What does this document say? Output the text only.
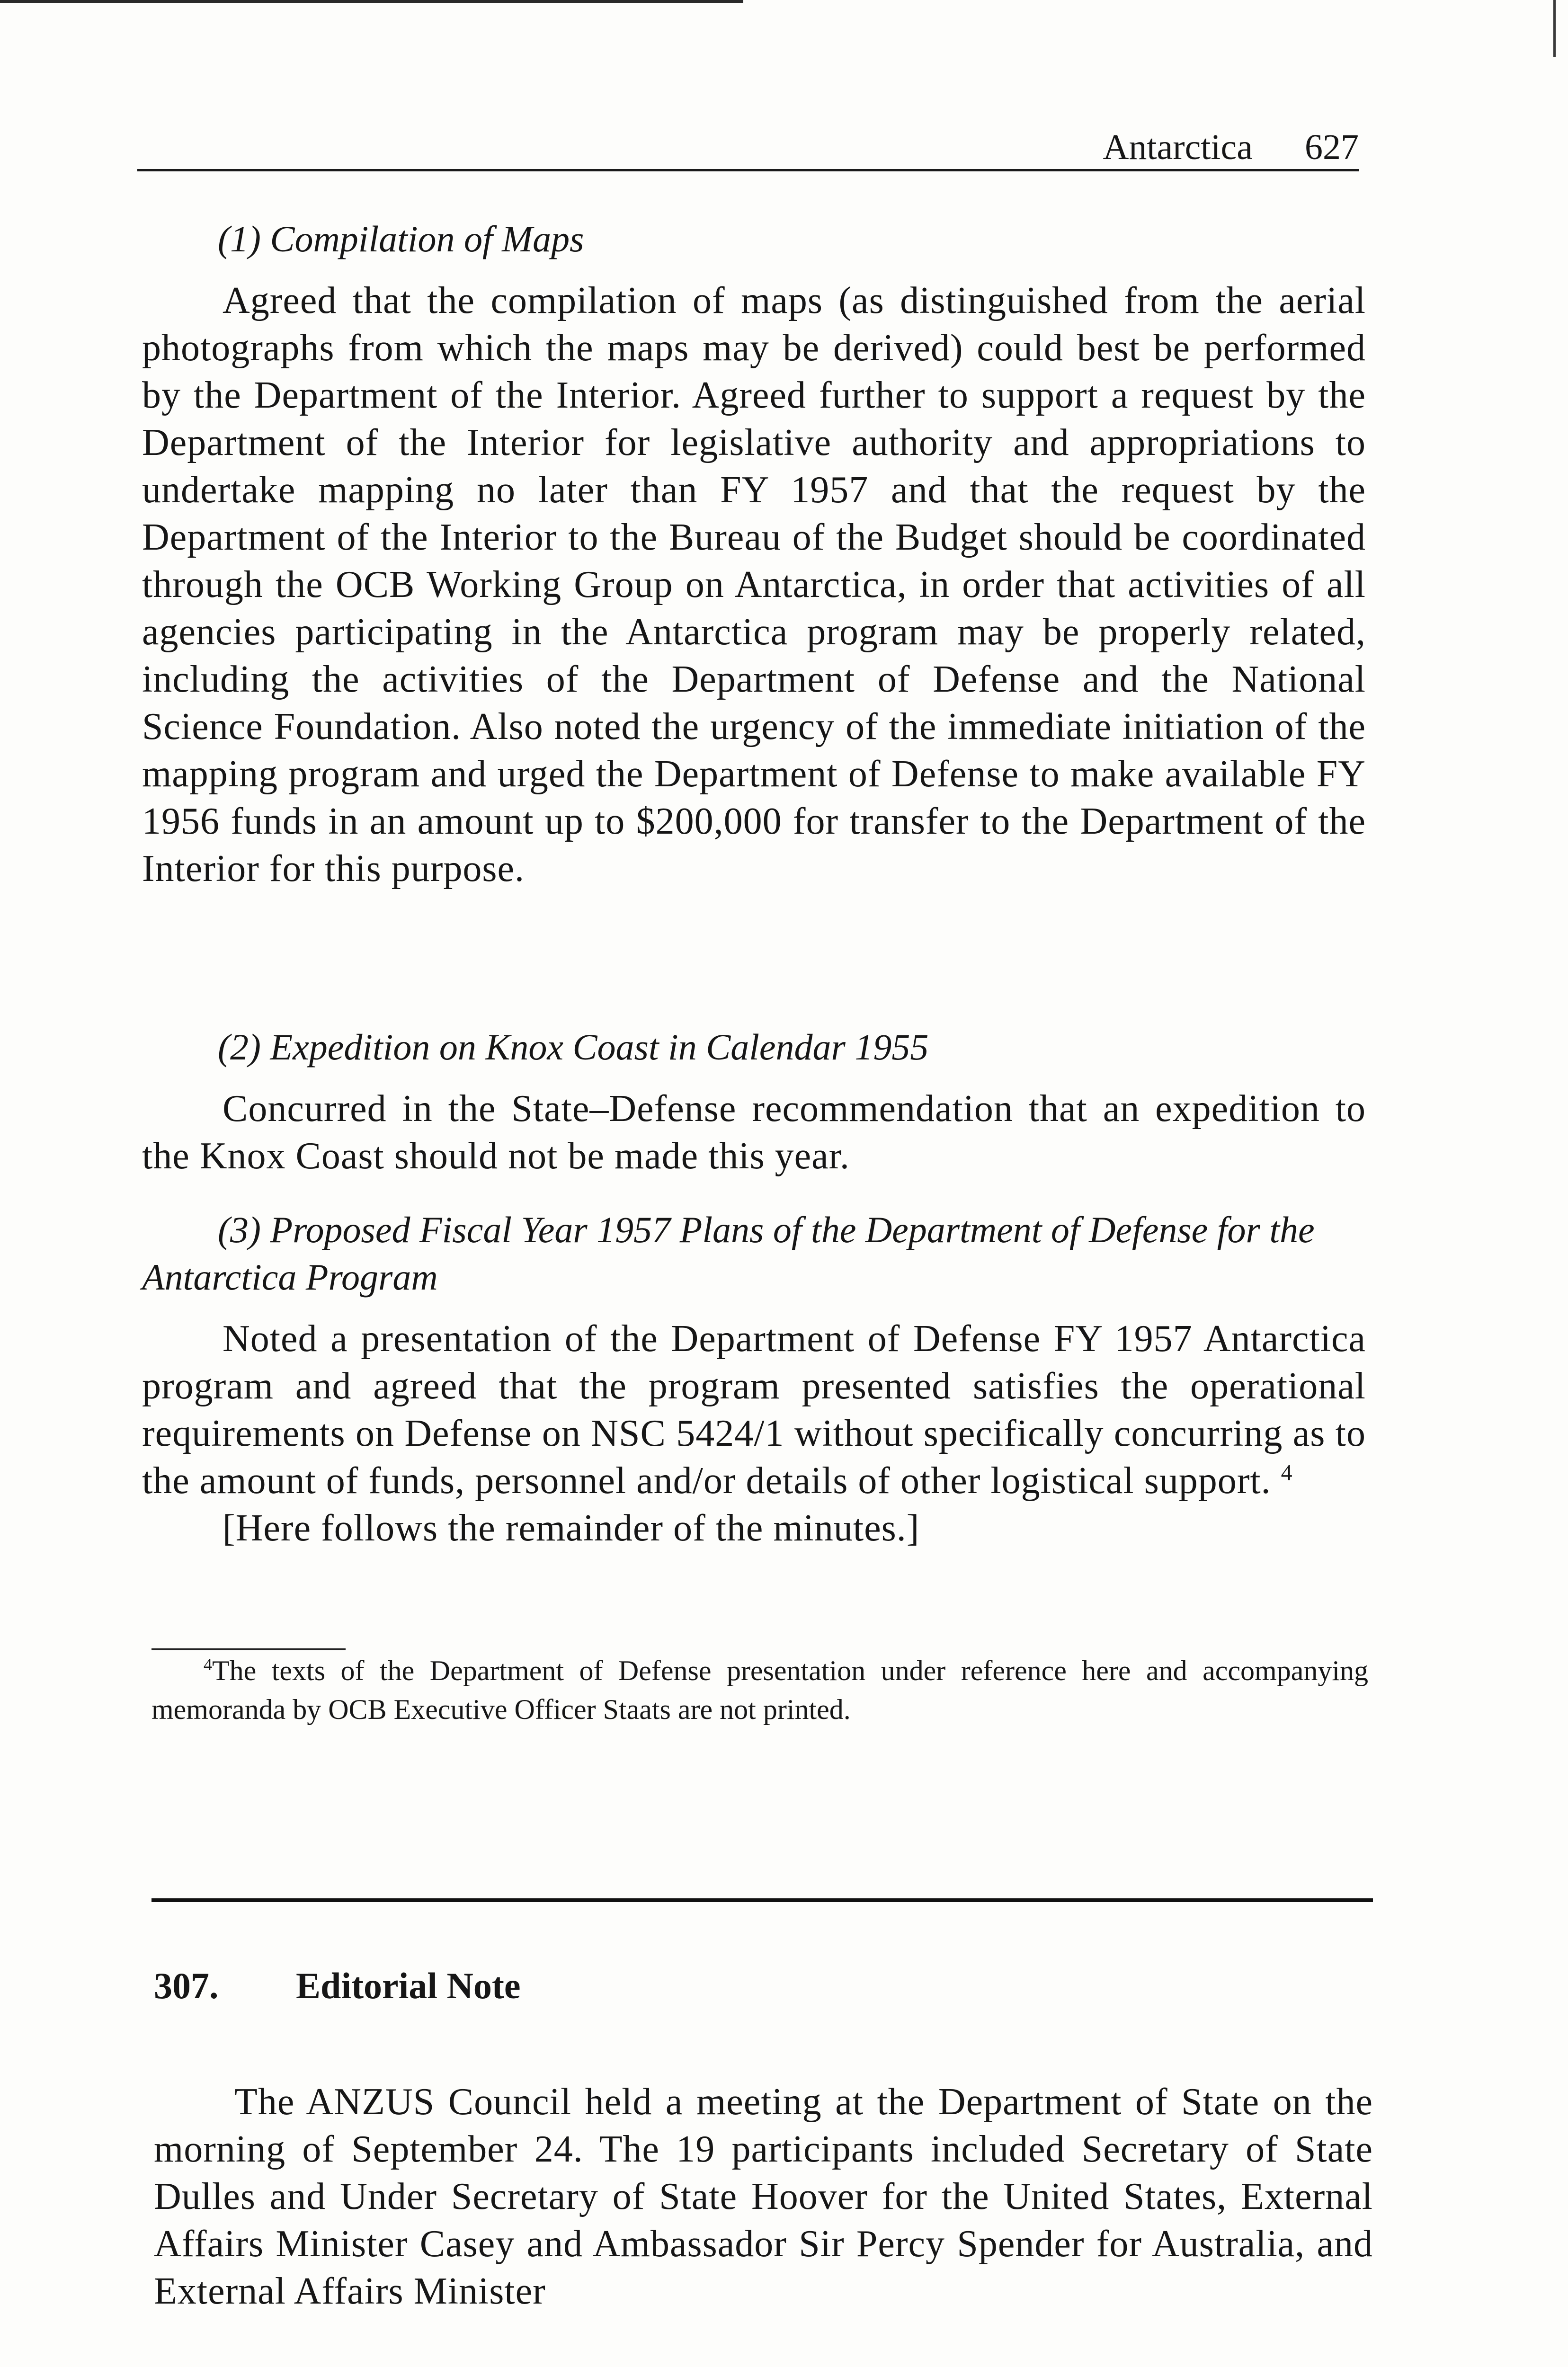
Antarctica 627

(1) Compilation of Maps

Agreed that the compilation of maps (as distinguished from the aerial photographs from which the maps may be derived) could best be performed by the Department of the Interior. Agreed further to support a request by the Department of the Interior for legislative authority and appropriations to undertake mapping no later than FY 1957 and that the request by the Department of the Interior to the Bureau of the Budget should be coordinated through the OCB Working Group on Antarctica, in order that activities of all agencies participating in the Antarctica program may be properly related, including the activities of the Department of Defense and the National Science Foundation. Also noted the urgency of the immediate initiation of the mapping program and urged the Department of Defense to make available FY 1956 funds in an amount up to $200,000 for transfer to the Department of the Interior for this purpose.

(2) Expedition on Knox Coast in Calendar 1955

Concurred in the State–Defense recommendation that an expedition to the Knox Coast should not be made this year.

(3) Proposed Fiscal Year 1957 Plans of the Department of Defense for the Antarctica Program

Noted a presentation of the Department of Defense FY 1957 Antarctica program and agreed that the program presented satisfies the operational requirements on Defense on NSC 5424/1 without specifically concurring as to the amount of funds, personnel and/or details of other logistical support. $^4$

[Here follows the remainder of the minutes.]

$^4$The texts of the Department of Defense presentation under reference here and accompanying memoranda by OCB Executive Officer Staats are not printed.

307. Editorial Note

The ANZUS Council held a meeting at the Department of State on the morning of September 24. The 19 participants included Secretary of State Dulles and Under Secretary of State Hoover for the United States, External Affairs Minister Casey and Ambassador Sir Percy Spender for Australia, and External Affairs Minister
